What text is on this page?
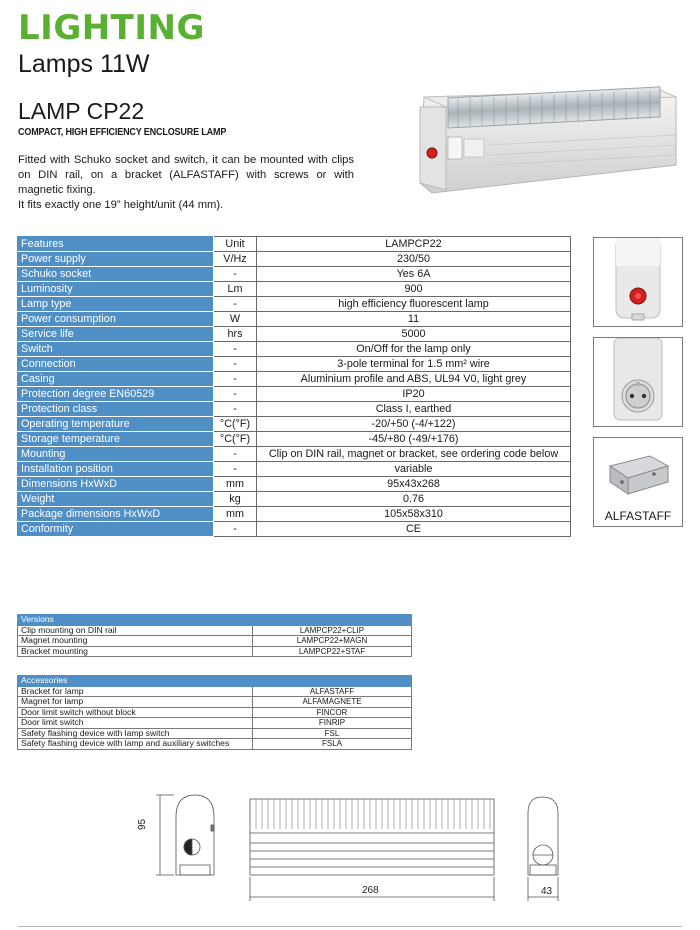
LIGHTING
Lamps 11W
LAMP CP22
COMPACT, HIGH EFFICIENCY ENCLOSURE LAMP

Fitted with Schuko socket and switch, it can be mounted with clips on DIN rail, on a bracket (ALFASTAFF) with screws or with magnetic fixing.

It fits exactly one 19” height/unit (44 mm).

Features	Unit	LAMPCP22
Power supply	V/Hz	230/50
Schuko socket	-	Yes 6A
Luminosity	Lm	900
Lamp type	-	high efficiency fluorescent lamp
Power consumption	W	11
Service life	hrs	5000
Switch	-	On/Off for the lamp only
Connection	-	3-pole terminal for 1.5 mm² wire
Casing	-	Aluminium profile and ABS, UL94 V0, light grey
Protection degree EN60529	-	IP20
Protection class	-	Class I, earthed
Operating temperature	°C(°F)	-20/+50 (-4/+122)
Storage temperature	°C(°F)	-45/+80 (-49/+176)
Mounting	-	Clip on DIN rail, magnet or bracket, see ordering code below
Installation position	-	variable
Dimensions HxWxD	mm	95x43x268
Weight	kg	0.76
Package dimensions HxWxD	mm	105x58x310
Conformity	-	CE
ALFASTAFF
Versions	
Clip mounting on DIN rail	LAMPCP22+CLIP
Magnet mounting	LAMPCP22+MAGN
Bracket mounting	LAMPCP22+STAF
Accessories	
Bracket for lamp	ALFASTAFF
Magnet for lamp	ALFAMAGNETE
Door limit switch without block	FINCOR
Door limit switch	FINRIP
Safety flashing device with lamp switch	FSL
Safety flashing device with lamp and auxiliary switches	FSLA
95
268	43
